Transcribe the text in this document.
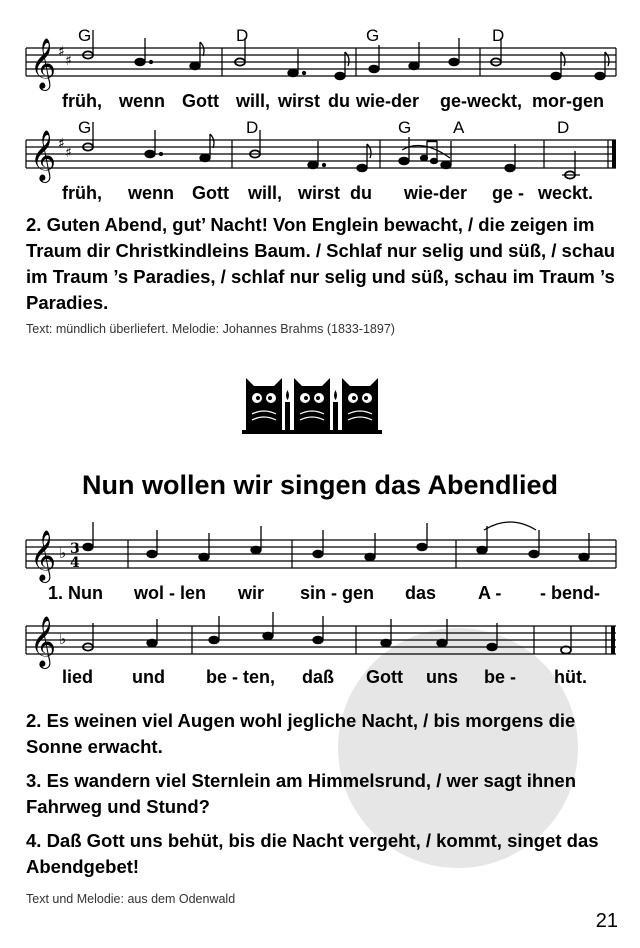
G	D	G	D
𝄞 ♯
♯
früh, wenn Gott will, wirst du wie-der ge-weckt, mor-gen
G	D	G A	D
𝄞 ♯
♯
früh, wenn Gott will, wirst du wie-der ge - weckt.
2. Guten Abend, gut’ Nacht! Von Englein bewacht, / die zeigen im Traum dir Christkindleins Baum. / Schlaf nur selig und süß, / schau im Traum ’s Paradies, / schlaf nur selig und süß, schau im Traum ’s Paradies.
Text: mündlich überliefert. Melodie: Johannes Brahms (1833-1897)
Nun wollen wir singen das Abendlied
𝄞 ♭ 3
4
1. Nun wol - len wir sin - gen das A - - bend-
𝄞 ♭
lied und be - ten, daß Gott uns be - hüt.
2. Es weinen viel Augen wohl jegliche Nacht, / bis morgens die Sonne erwacht.
3. Es wandern viel Sternlein am Himmelsrund, / wer sagt ihnen Fahrweg und Stund?
4. Daß Gott uns behüt, bis die Nacht vergeht, / kommt, singet das Abendgebet!
Text und Melodie: aus dem Odenwald
21
